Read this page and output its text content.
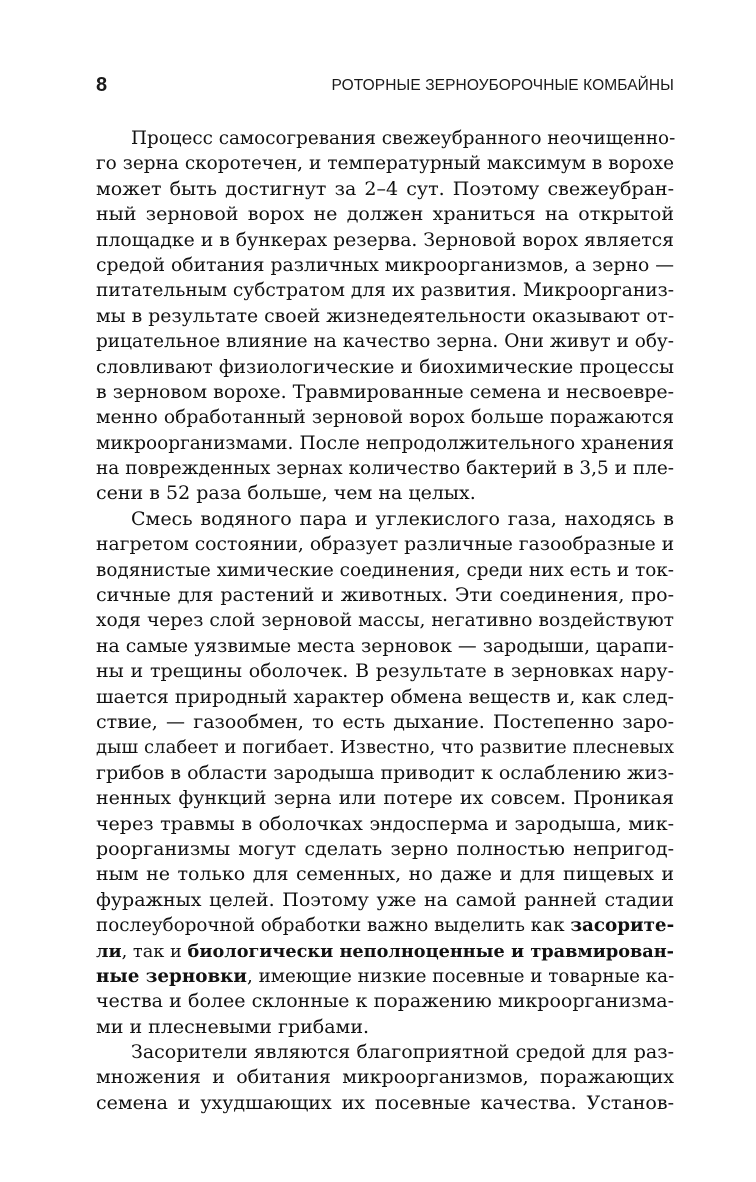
8	РОТОРНЫЕ ЗЕРНОУБОРОЧНЫЕ КОМБАЙНЫ
Процесс самосогревания свежеубранного неочищенно-
го зерна скоротечен, и температурный максимум в ворохе
может быть достигнут за 2–4 сут. Поэтому свежеубран-
ный зерновой ворох не должен храниться на открытой
площадке и в бункерах резерва. Зерновой ворох является
средой обитания различных микроорганизмов, а зерно —
питательным субстратом для их развития. Микроорганиз-
мы в результате своей жизнедеятельности оказывают от-
рицательное влияние на качество зерна. Они живут и обу-
словливают физиологические и биохимические процессы
в зерновом ворохе. Травмированные семена и несвоевре-
менно обработанный зерновой ворох больше поражаются
микроорганизмами. После непродолжительного хранения
на поврежденных зернах количество бактерий в 3,5 и пле-
сени в 52 раза больше, чем на целых.
Смесь водяного пара и углекислого газа, находясь в
нагретом состоянии, образует различные газообразные и
водянистые химические соединения, среди них есть и ток-
сичные для растений и животных. Эти соединения, про-
ходя через слой зерновой массы, негативно воздействуют
на самые уязвимые места зерновок — зародыши, царапи-
ны и трещины оболочек. В результате в зерновках нару-
шается природный характер обмена веществ и, как след-
ствие, — газообмен, то есть дыхание. Постепенно заро-
дыш слабеет и погибает. Известно, что развитие плесневых
грибов в области зародыша приводит к ослаблению жиз-
ненных функций зерна или потере их совсем. Проникая
через травмы в оболочках эндосперма и зародыша, мик-
роорганизмы могут сделать зерно полностью непригод-
ным не только для семенных, но даже и для пищевых и
фуражных целей. Поэтому уже на самой ранней стадии
послеуборочной обработки важно выделить как засорите-
ли, так и биологически неполноценные и травмирован-
ные зерновки, имеющие низкие посевные и товарные ка-
чества и более склонные к поражению микроорганизма-
ми и плесневыми грибами.
Засорители являются благоприятной средой для раз-
множения и обитания микроорганизмов, поражающих
семена и ухудшающих их посевные качества. Установ-
